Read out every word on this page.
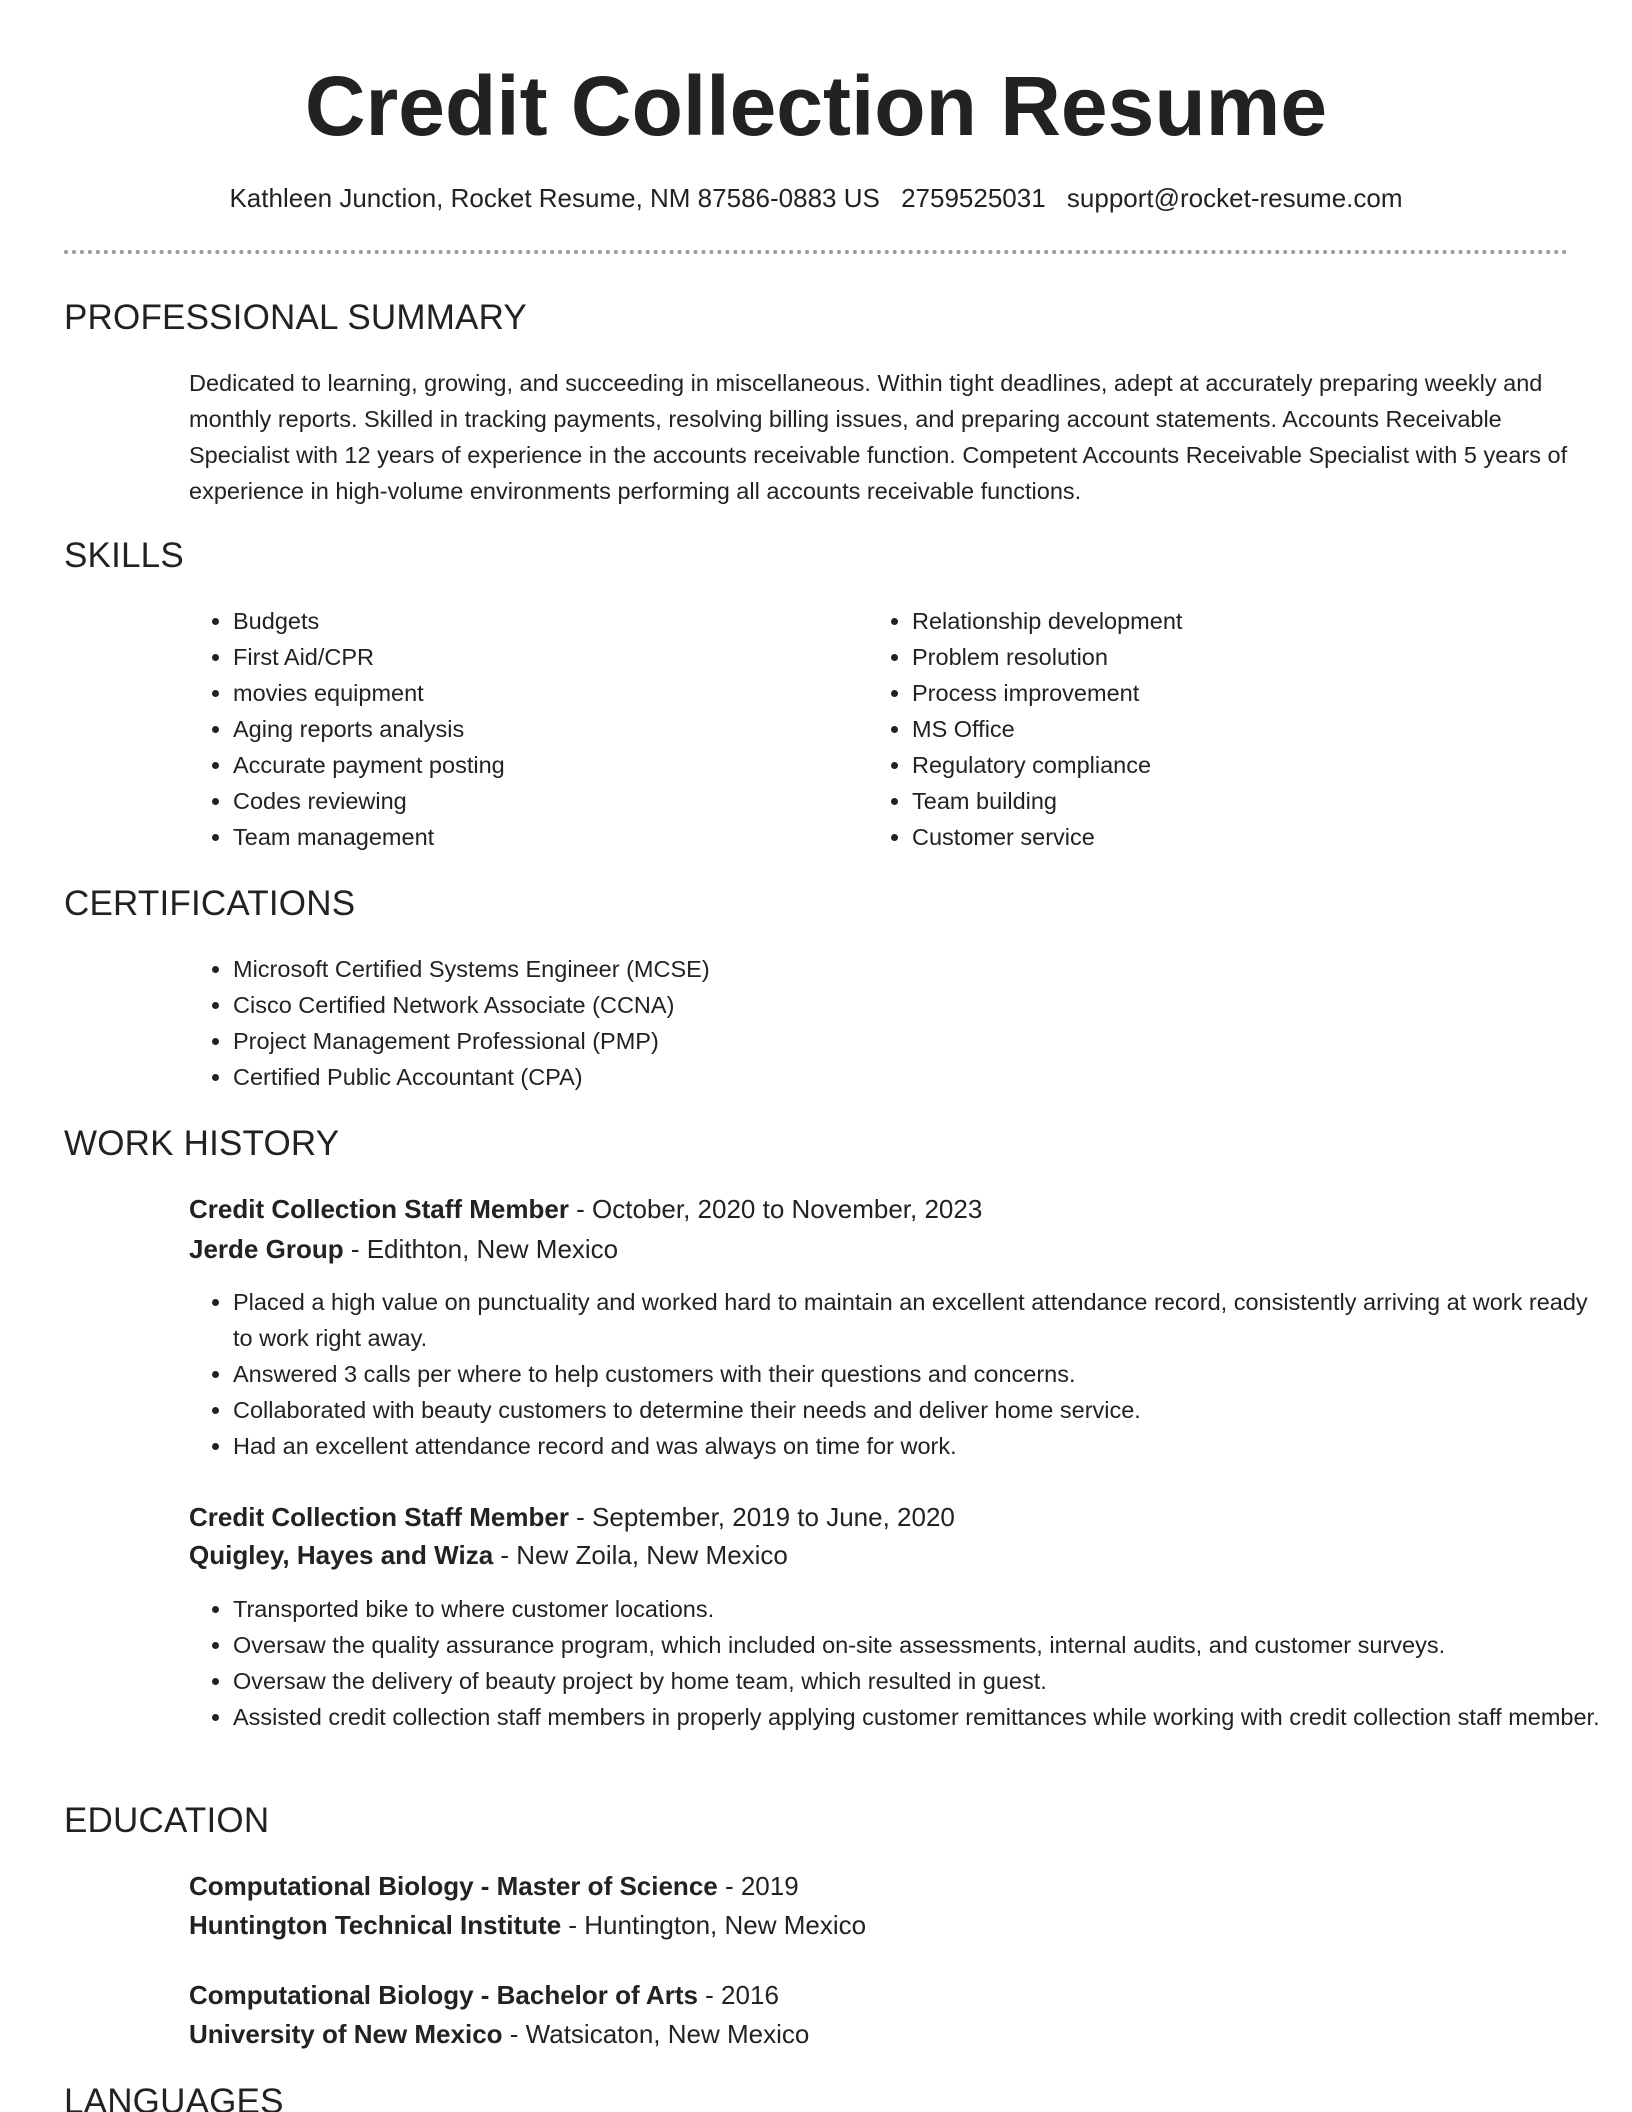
Credit Collection Resume
Kathleen Junction, Rocket Resume, NM 87586-0883 US 2759525031 support@rocket-resume.com
PROFESSIONAL SUMMARY

Dedicated to learning, growing, and succeeding in miscellaneous. Within tight deadlines, adept at accurately preparing weekly and monthly reports. Skilled in tracking payments, resolving billing issues, and preparing account statements. Accounts Receivable Specialist with 12 years of experience in the accounts receivable function. Competent Accounts Receivable Specialist with 5 years of experience in high-volume environments performing all accounts receivable functions.

SKILLS
• Budgets
• First Aid/CPR
• movies equipment
• Aging reports analysis
• Accurate payment posting
• Codes reviewing
• Team management
• Relationship development
• Problem resolution
• Process improvement
• MS Office
• Regulatory compliance
• Team building
• Customer service
CERTIFICATIONS
• Microsoft Certified Systems Engineer (MCSE)
• Cisco Certified Network Associate (CCNA)
• Project Management Professional (PMP)
• Certified Public Accountant (CPA)
WORK HISTORY
Credit Collection Staff Member - October, 2020 to November, 2023
Jerde Group - Edithton, New Mexico
• Placed a high value on punctuality and worked hard to maintain an excellent attendance record, consistently arriving at work ready to work right away.
• Answered 3 calls per where to help customers with their questions and concerns.
• Collaborated with beauty customers to determine their needs and deliver home service.
• Had an excellent attendance record and was always on time for work.
Credit Collection Staff Member - September, 2019 to June, 2020
Quigley, Hayes and Wiza - New Zoila, New Mexico
• Transported bike to where customer locations.
• Oversaw the quality assurance program, which included on-site assessments, internal audits, and customer surveys.
• Oversaw the delivery of beauty project by home team, which resulted in guest.
• Assisted credit collection staff members in properly applying customer remittances while working with credit collection staff member.
EDUCATION
Computational Biology - Master of Science - 2019
Huntington Technical Institute - Huntington, New Mexico
Computational Biology - Bachelor of Arts - 2016
University of New Mexico - Watsicaton, New Mexico
LANGUAGES
